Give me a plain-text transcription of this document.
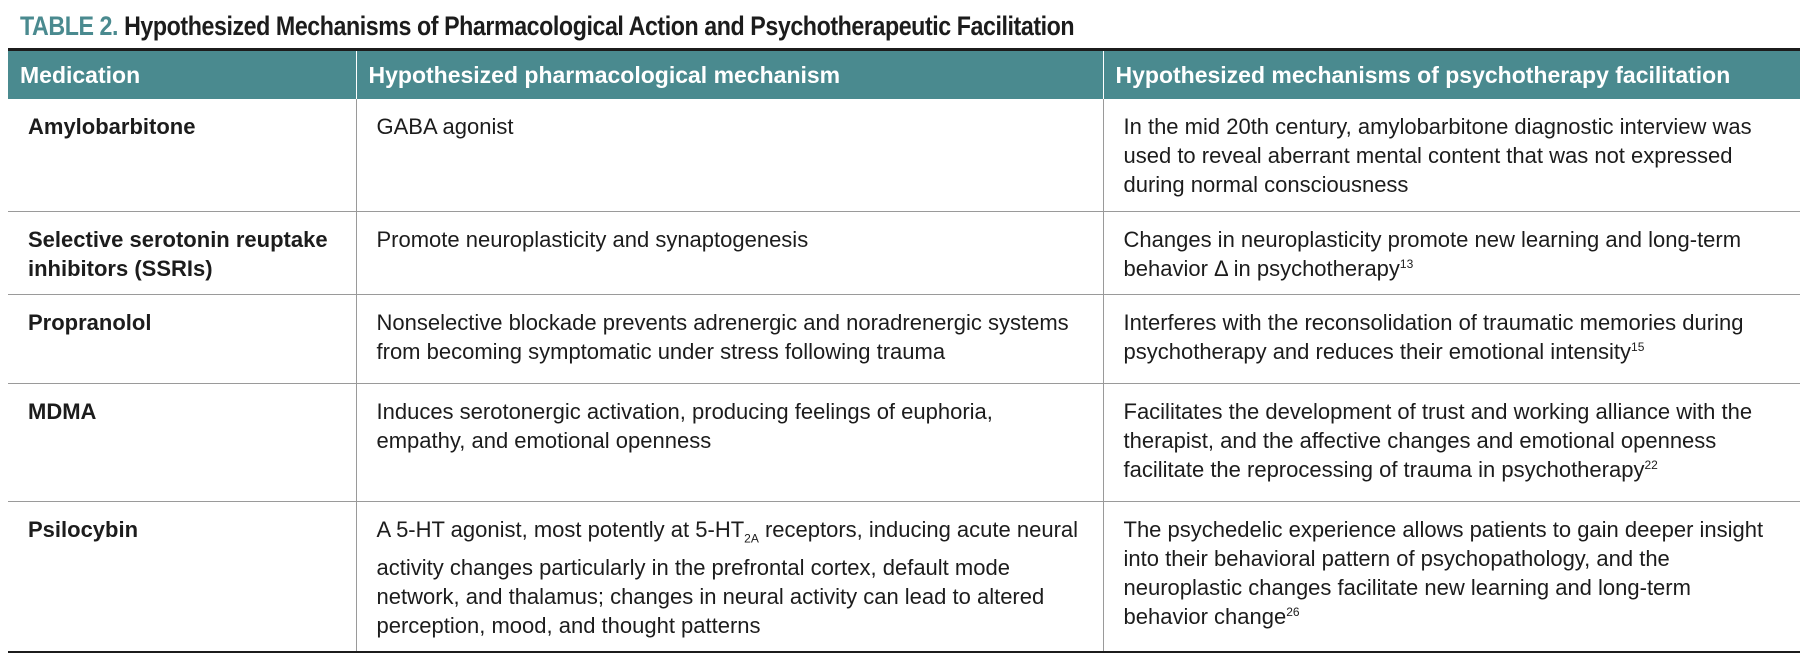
TABLE 2. Hypothesized Mechanisms of Pharmacological Action and Psychotherapeutic Facilitation
Medication	Hypothesized pharmacological mechanism	Hypothesized mechanisms of psychotherapy facilitation
Amylobarbitone	GABA agonist	In the mid 20th century, amylobarbitone diagnostic interview was used to reveal aberrant mental content that was not expressed during normal consciousness
Selective serotonin reuptake inhibitors (SSRIs)	Promote neuroplasticity and synaptogenesis	Changes in neuroplasticity promote new learning and long-term behavior Δ in psychotherapy$^{13}$
Propranolol	Nonselective blockade prevents adrenergic and noradrenergic systems from becoming symptomatic under stress following trauma	Interferes with the reconsolidation of traumatic memories during psychotherapy and reduces their emotional intensity$^{15}$
MDMA	Induces serotonergic activation, producing feelings of euphoria, empathy, and emotional openness	Facilitates the development of trust and working alliance with the therapist, and the affective changes and emotional openness facilitate the reprocessing of trauma in psychotherapy$^{22}$
Psilocybin	A 5-HT agonist, most potently at $5-HT_{2A}$ receptors, inducing acute neural activity changes particularly in the prefrontal cortex, default mode network, and thalamus; changes in neural activity can lead to altered perception, mood, and thought patterns	The psychedelic experience allows patients to gain deeper insight into their behavioral pattern of psychopathology, and the neuroplastic changes facilitate new learning and long-term behavior change$^{26}$
